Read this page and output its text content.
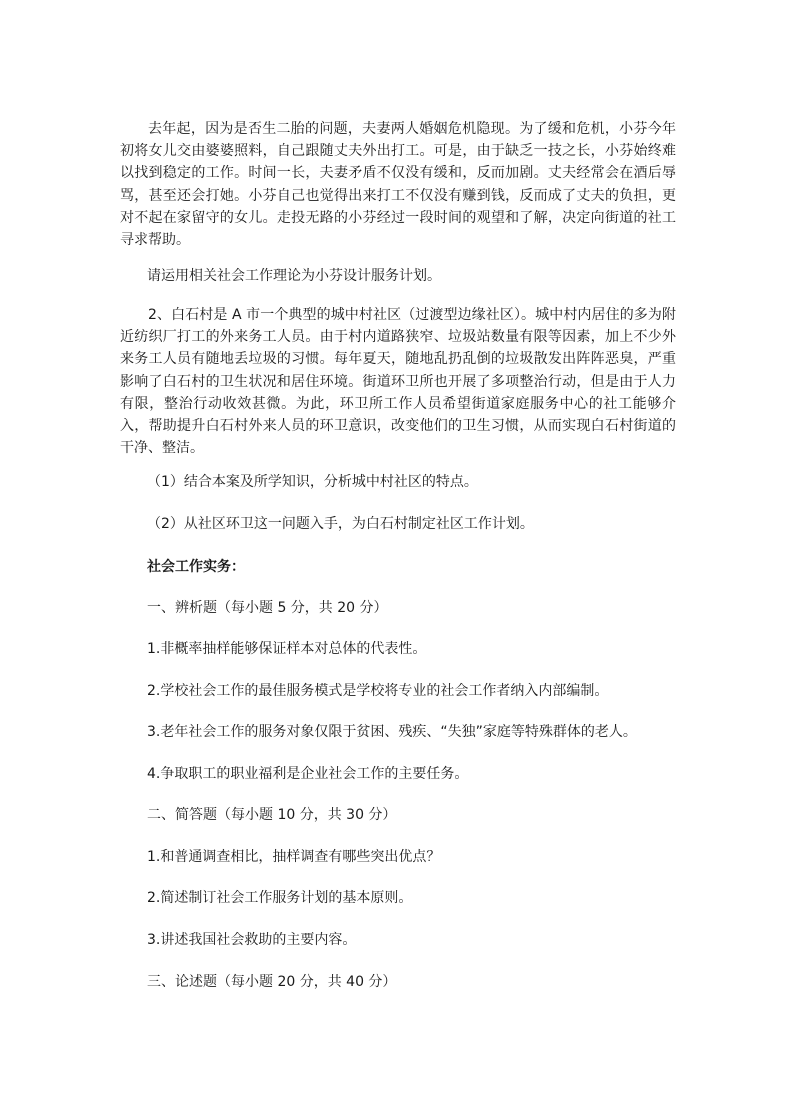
去年起，因为是否生二胎的问题，夫妻两人婚姻危机隐现。为了缓和危机，小芬今年初将女儿交由婆婆照料，自己跟随丈夫外出打工。可是，由于缺乏一技之长，小芬始终难以找到稳定的工作。时间一长，夫妻矛盾不仅没有缓和，反而加剧。丈夫经常会在酒后辱骂，甚至还会打她。小芬自己也觉得出来打工不仅没有赚到钱，反而成了丈夫的负担，更对不起在家留守的女儿。走投无路的小芬经过一段时间的观望和了解，决定向街道的社工寻求帮助。

请运用相关社会工作理论为小芬设计服务计划。

2、白石村是 A 市一个典型的城中村社区（过渡型边缘社区）。城中村内居住的多为附近纺织厂打工的外来务工人员。由于村内道路狭窄、垃圾站数量有限等因素，加上不少外来务工人员有随地丢垃圾的习惯。每年夏天，随地乱扔乱倒的垃圾散发出阵阵恶臭，严重影响了白石村的卫生状况和居住环境。街道环卫所也开展了多项整治行动，但是由于人力有限，整治行动收效甚微。为此，环卫所工作人员希望街道家庭服务中心的社工能够介入，帮助提升白石村外来人员的环卫意识，改变他们的卫生习惯，从而实现白石村街道的干净、整洁。

（1）结合本案及所学知识，分析城中村社区的特点。

（2）从社区环卫这一问题入手，为白石村制定社区工作计划。

社会工作实务：

一、辨析题（每小题 5 分，共 20 分）

1.非概率抽样能够保证样本对总体的代表性。

2.学校社会工作的最佳服务模式是学校将专业的社会工作者纳入内部编制。

3.老年社会工作的服务对象仅限于贫困、残疾、“失独”家庭等特殊群体的老人。

4.争取职工的职业福利是企业社会工作的主要任务。

二、简答题（每小题 10 分，共 30 分）

1.和普通调查相比，抽样调查有哪些突出优点？

2.简述制订社会工作服务计划的基本原则。

3.讲述我国社会救助的主要内容。

三、论述题（每小题 20 分，共 40 分）
